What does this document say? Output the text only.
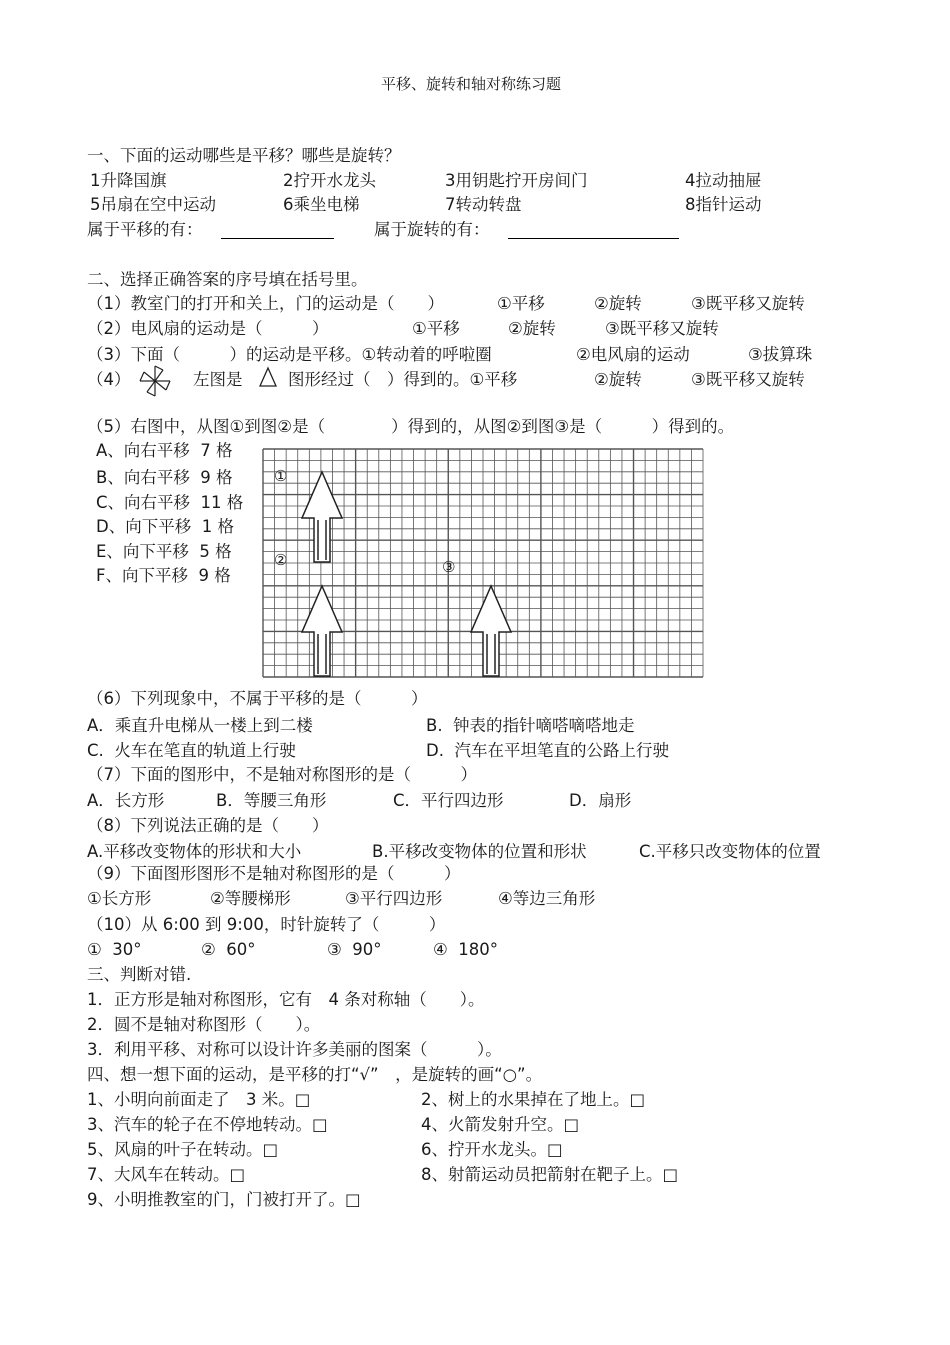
平移、旋转和轴对称练习题
一、下面的运动哪些是平移？哪些是旋转？
1升降国旗	2拧开水龙头	3用钥匙拧开房间门	4拉动抽屉
5吊扇在空中运动	6乘坐电梯	7转动转盘	8指针运动
属于平移的有：	属于旋转的有：
二、选择正确答案的序号填在括号里。
（1）教室门的打开和关上，门的运动是（　　）	①平移	②旋转	③既平移又旋转
（2）电风扇的运动是（　　　）	①平移	②旋转	③既平移又旋转
（3）下面（　　　）的运动是平移。①转动着的呼啦圈	②电风扇的运动	③拔算珠
（4）	左图是	图形经过（　）得到的。①平移	②旋转	③既平移又旋转
（5）右图中，从图①到图②是（　　　　）得到的，从图②到图③是（　　　）得到的。
A、向右平移  7 格
B、向右平移  9 格
C、向右平移  11 格
D、向下平移  1 格
E、向下平移  5 格
F、向下平移  9 格
①
②	③
（6）下列现象中，不属于平移的是（　　　）
A．乘直升电梯从一楼上到二楼	B.  钟表的指针嘀嗒嘀嗒地走
C.  火车在笔直的轨道上行驶	D.  汽车在平坦笔直的公路上行驶
（7）下面的图形中，不是轴对称图形的是（　　　）
A．长方形	B．等腰三角形	C．平行四边形	D．扇形
（8）下列说法正确的是（　　）
A.平移改变物体的形状和大小	B.平移改变物体的位置和形状	C.平移只改变物体的位置
（9）下面图形图形不是轴对称图形的是（　　　）
①长方形	②等腰梯形	③平行四边形	④等边三角形
（10）从 6:00 到 9:00，时针旋转了（　　　）
①  30°	②  60°	③  90°	④  180°
三、判断对错.
1．正方形是轴对称图形，它有　4 条对称轴（　　）。
2．圆不是轴对称图形（　　）。
3．利用平移、对称可以设计许多美丽的图案（　　　）。
四、想一想下面的运动，是平移的打“√”　，是旋转的画“○”。
1、小明向前面走了　3 米。□	2、树上的水果掉在了地上。□
3、汽车的轮子在不停地转动。□	4、火箭发射升空。□
5、风扇的叶子在转动。□	6、拧开水龙头。□
7、大风车在转动。□	8、射箭运动员把箭射在靶子上。□
9、小明推教室的门，门被打开了。□
